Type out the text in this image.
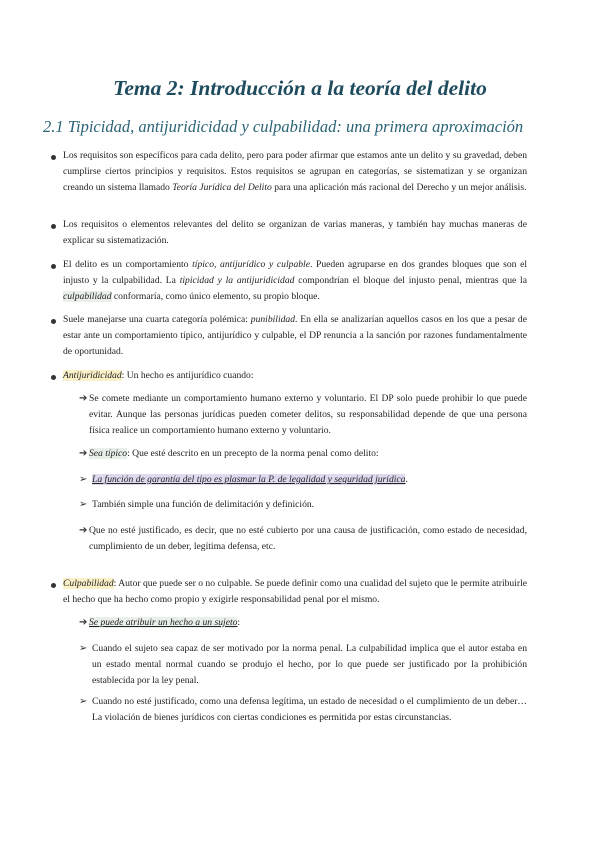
Tema 2: Introducción a la teoría del delito
2.1 Tipicidad, antijuridicidad y culpabilidad: una primera aproximación
Los requisitos son específicos para cada delito, pero para poder afirmar que estamos ante un delito y su gravedad, deben cumplirse ciertos principios y requisitos. Estos requisitos se agrupan en categorías, se sistematizan y se organizan creando un sistema llamado Teoría Jurídica del Delito para una aplicación más racional del Derecho y un mejor análisis.
Los requisitos o elementos relevantes del delito se organizan de varias maneras, y también hay muchas maneras de explicar su sistematización.
El delito es un comportamiento típico, antijurídico y culpable. Pueden agruparse en dos grandes bloques que son el injusto y la culpabilidad. La tipicidad y la antijuridicidad compondrían el bloque del injusto penal, mientras que la culpabilidad conformaría, como único elemento, su propio bloque.
Suele manejarse una cuarta categoría polémica: punibilidad. En ella se analizarían aquellos casos en los que a pesar de estar ante un comportamiento típico, antijurídico y culpable, el DP renuncia a la sanción por razones fundamentalmente de oportunidad.
Antijuridicidad: Un hecho es antijurídico cuando:
➔ Se comete mediante un comportamiento humano externo y voluntario. El DP solo puede prohibir lo que puede evitar. Aunque las personas jurídicas pueden cometer delitos, su responsabilidad depende de que una persona física realice un comportamiento humano externo y voluntario.
➔ Sea típico: Que esté descrito en un precepto de la norma penal como delito:
➢ La función de garantía del tipo es plasmar la P. de legalidad y seguridad jurídica.
➢ También simple una función de delimitación y definición.
➔ Que no esté justificado, es decir, que no esté cubierto por una causa de justificación, como estado de necesidad, cumplimiento de un deber, legítima defensa, etc.
Culpabilidad: Autor que puede ser o no culpable. Se puede definir como una cualidad del sujeto que le permite atribuirle el hecho que ha hecho como propio y exigirle responsabilidad penal por el mismo.
➔ Se puede atribuir un hecho a un sujeto:
➢ Cuando el sujeto sea capaz de ser motivado por la norma penal. La culpabilidad implica que el autor estaba en un estado mental normal cuando se produjo el hecho, por lo que puede ser justificado por la prohibición establecida por la ley penal.
➢ Cuando no esté justificado, como una defensa legítima, un estado de necesidad o el cumplimiento de un deber… La violación de bienes jurídicos con ciertas condiciones es permitida por estas circunstancias.
